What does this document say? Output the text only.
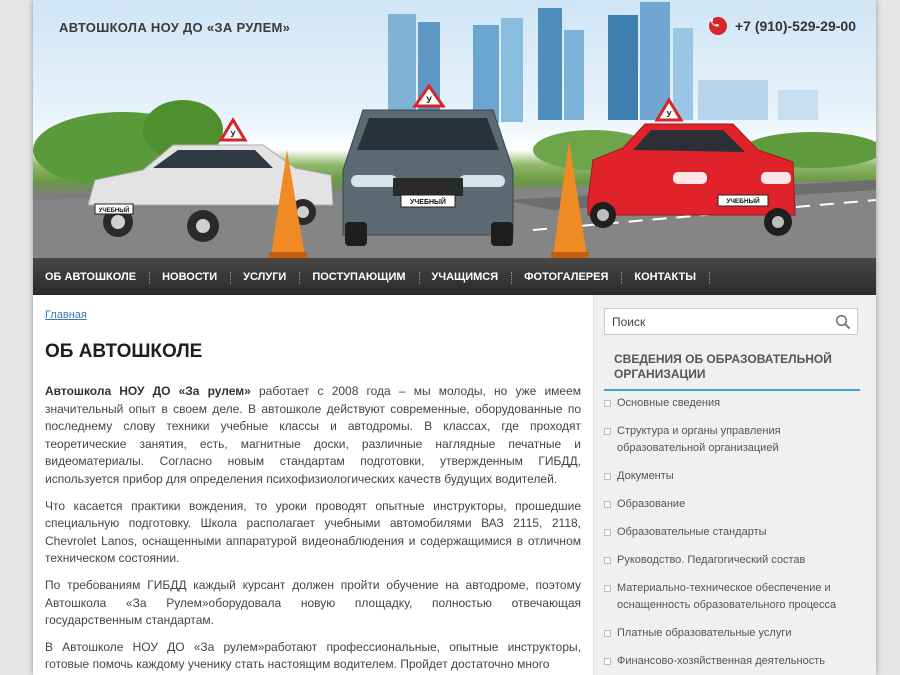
УЧЕБНЫЙ
У
УЧЕБНЫЙ
У
УЧЕБНЫЙ
У
АВТОШКОЛА НОУ ДО «ЗА РУЛЕМ»	+7 (910)-529-29-00
ОБ АВТОШКОЛЕ	НОВОСТИ	УСЛУГИ	ПОСТУПАЮЩИМ	УЧАЩИМСЯ	ФОТОГАЛЕРЕЯ	КОНТАКТЫ
Главная
ОБ АВТОШКОЛЕ

Автошкола НОУ ДО «За рулем» работает с 2008 года – мы молоды, но уже имеем значительный опыт в своем деле. В автошколе действуют современные, оборудованные по последнему слову техники учебные классы и автодромы. В классах, где проходят теоретические занятия, есть, магнитные доски, различные наглядные печатные и видеоматериалы. Согласно новым стандартам подготовки, утвержденным ГИБДД, используется прибор для определения психофизиологических качеств будущих водителей.

Что касается практики вождения, то уроки проводят опытные инструкторы, прошедшие специальную подготовку. Школа располагает учебными автомобилями ВАЗ 2115, 2118, Chevrolet Lanos, оснащенными аппаратурой видеонаблюдения и содержащимися в отличном техническом состоянии.

По требованиям ГИБДД каждый курсант должен пройти обучение на автодроме, поэтому Автошкола «За Рулем»оборудовала новую площадку, полностью отвечающая государственным стандартам.

В Автошколе НОУ ДО «За рулем»работают профессиональные, опытные инструкторы, готовые помочь каждому ученику стать настоящим водителем. Пройдет достаточно много

Поиск
СВЕДЕНИЯ ОБ ОБРАЗОВАТЕЛЬНОЙ ОРГАНИЗАЦИИ
Основные сведения
Структура и органы управления образовательной организацией
Документы
Образование
Образовательные стандарты
Руководство. Педагогический состав
Материально-техническое обеспечение и оснащенность образовательного процесса
Платные образовательные услуги
Финансово-хозяйственная деятельность
